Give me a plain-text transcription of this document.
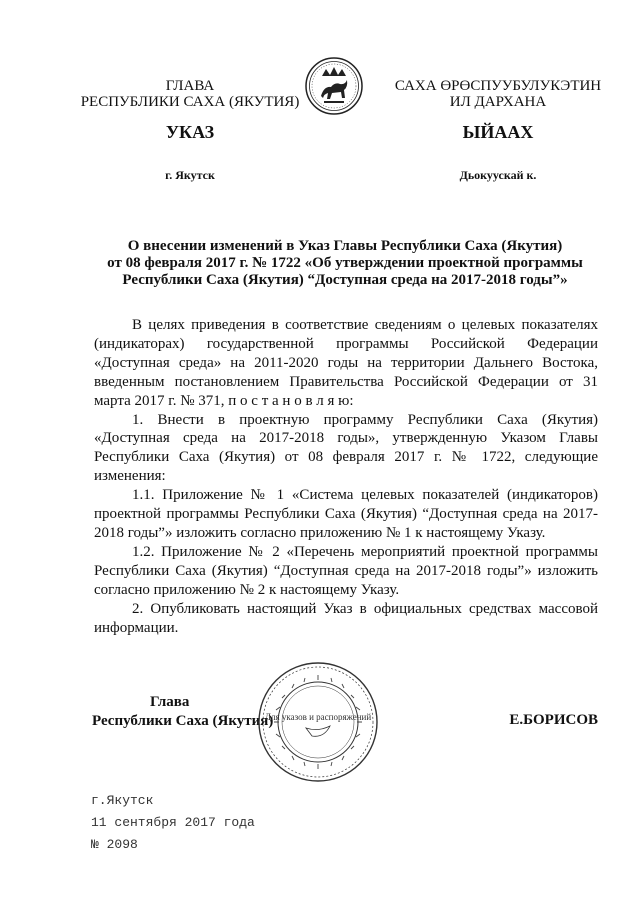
ГЛАВА
РЕСПУБЛИКИ САХА (ЯКУТИЯ)
САХА ӨРӨСПУУБУЛУКЭТИН
ИЛ ДАРХАНА
УКАЗ	ЫЙААХ
г. Якутск	Дьокуускай к.
О внесении изменений в Указ Главы Республики Саха (Якутия)
от 08 февраля 2017 г. № 1722 «Об утверждении проектной программы
Республики Саха (Якутия) “Доступная среда на 2017-2018 годы”»

В целях приведения в соответствие сведениям о целевых показателях (индикаторах) государственной программы Российской Федерации «Доступная среда» на 2011-2020 годы на территории Дальнего Востока, введенным постановлением Правительства Российской Федерации от 31 марта 2017 г. № 371, п о с т а н о в л я ю:

1. Внести в проектную программу Республики Саха (Якутия) «Доступная среда на 2017-2018 годы», утвержденную Указом Главы Республики Саха (Якутия) от 08 февраля 2017 г. № 1722, следующие изменения:

1.1. Приложение № 1 «Система целевых показателей (индикаторов) проектной программы Республики Саха (Якутия) “Доступная среда на 2017-2018 годы”» изложить согласно приложению № 1 к настоящему Указу.

1.2. Приложение № 2 «Перечень мероприятий проектной программы Республики Саха (Якутия) “Доступная среда на 2017-2018 годы”» изложить согласно приложению № 2 к настоящему Указу.

2. Опубликовать настоящий Указ в официальных средствах массовой информации.

Глава
Республики Саха (Якутия)
Для указов и распоряжений	Е.БОРИСОВ
г.Якутск
11 сентября 2017 года
№ 2098
